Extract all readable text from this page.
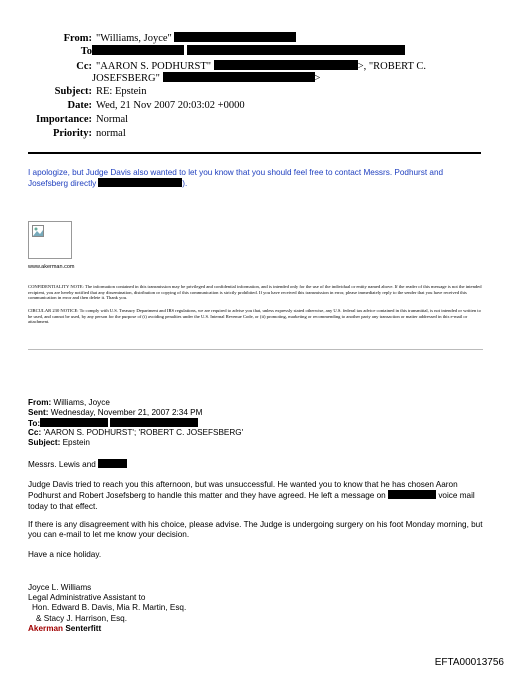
From: "Williams, Joyce"
To
Cc: "AARON S. PODHURST"	>, "ROBERT C.
JOSEFSBERG"	>
Subject: RE: Epstein
Date: Wed, 21 Nov 2007 20:03:02 +0000
Importance: Normal
Priority: normal
I apologize, but Judge Davis also wanted to let you know that you should feel free to contact Messrs. Podhurst and
Josefsberg directly	).
www.akerman.com
CONFIDENTIALITY NOTE: The information contained in this transmission may be privileged and confidential information, and is intended only for the use of the individual or entity named above. If the reader of this message is not the intended recipient, you are hereby notified that any dissemination, distribution or copying of this communication is strictly prohibited. If you have received this transmission in error, please immediately reply to the sender that you have received this communication in error and then delete it. Thank you.
CIRCULAR 230 NOTICE: To comply with U.S. Treasury Department and IRS regulations, we are required to advise you that, unless expressly stated otherwise, any U.S. federal tax advice contained in this transmittal, is not intended or written to be used, and cannot be used, by any person for the purpose of (i) avoiding penalties under the U.S. Internal Revenue Code, or (ii) promoting, marketing or recommending to another party any transaction or matter addressed in this e-mail or attachment.
From: Williams, Joyce
Sent: Wednesday, November 21, 2007 2:34 PM
To:
Cc: 'AARON S. PODHURST'; 'ROBERT C. JOSEFSBERG'
Subject: Epstein
Messrs. Lewis and
Judge Davis tried to reach you this afternoon, but was unsuccessful. He wanted you to know that he has chosen Aaron
Podhurst and Robert Josefsberg to handle this matter and they have agreed. He left a message on	voice mail
today to that effect.
If there is any disagreement with his choice, please advise. The Judge is undergoing surgery on his foot Monday morning, but
you can e-mail to let me know your decision.
Have a nice holiday.
Joyce L. Williams
Legal Administrative Assistant to
Hon. Edward B. Davis, Mia R. Martin, Esq.
& Stacy J. Harrison, Esq.
Akerman Senterfitt
EFTA00013756
